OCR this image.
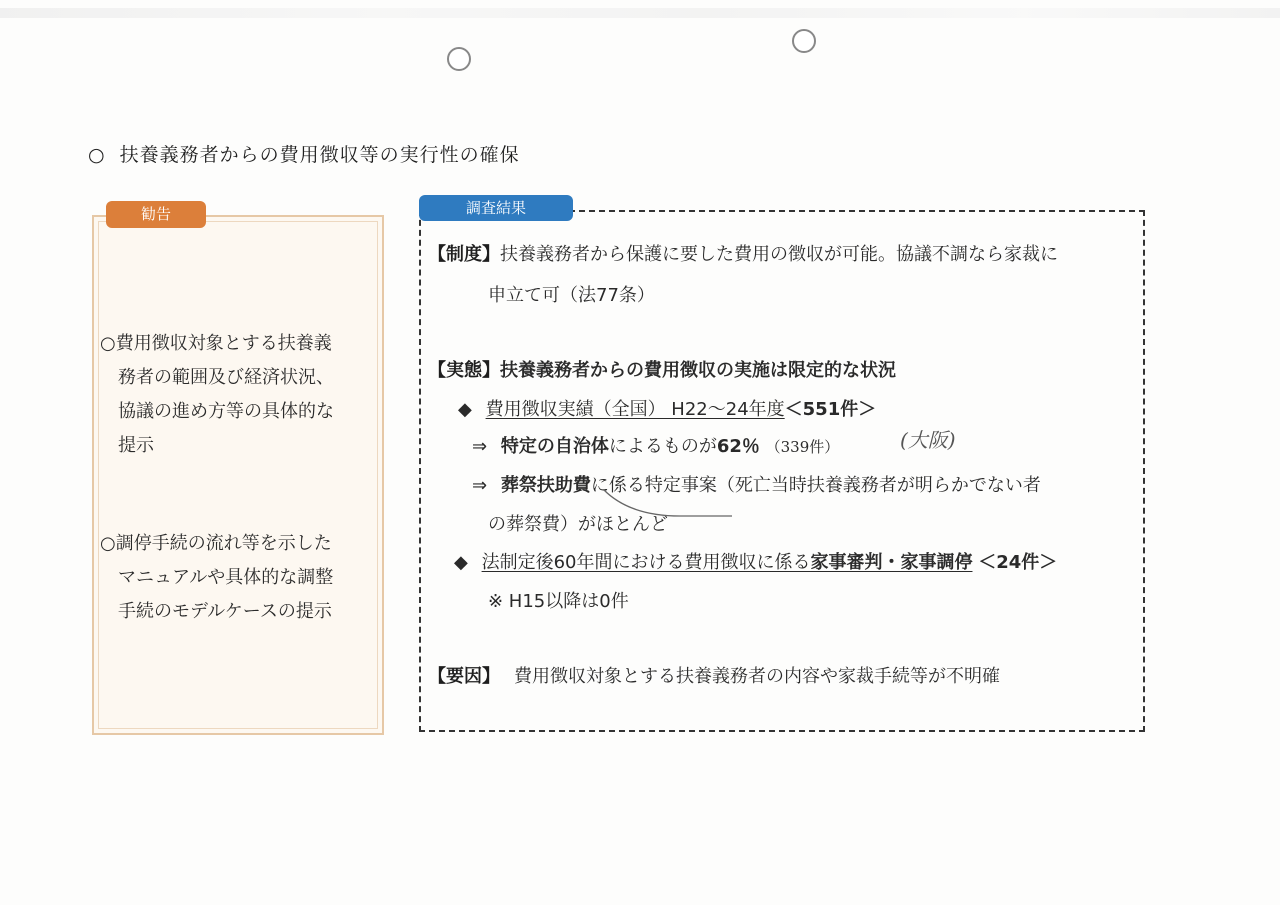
○ 扶養義務者からの費用徴収等の実行性の確保
勧告
○費用徴収対象とする扶養義
務者の範囲及び経済状況、
協議の進め方等の具体的な
提示
○調停手続の流れ等を示した
マニュアルや具体的な調整
手続のモデルケースの提示
調査結果
【制度】扶養義務者から保護に要した費用の徴収が可能。協議不調なら家裁に
申立て可（法77条）
【実態】扶養義務者からの費用徴収の実施は限定的な状況
◆ 費用徴収実績（全国） H22～24年度＜551件＞
⇒ 特定の自治体によるものが62％ （339件）	(大阪)
⇒ 葬祭扶助費に係る特定事案（死亡当時扶養義務者が明らかでない者
の葬祭費）がほとんど
◆ 法制定後60年間における費用徴収に係る家事審判・家事調停 ＜24件＞
※ H15以降は0件
【要因】 費用徴収対象とする扶養義務者の内容や家裁手続等が不明確
